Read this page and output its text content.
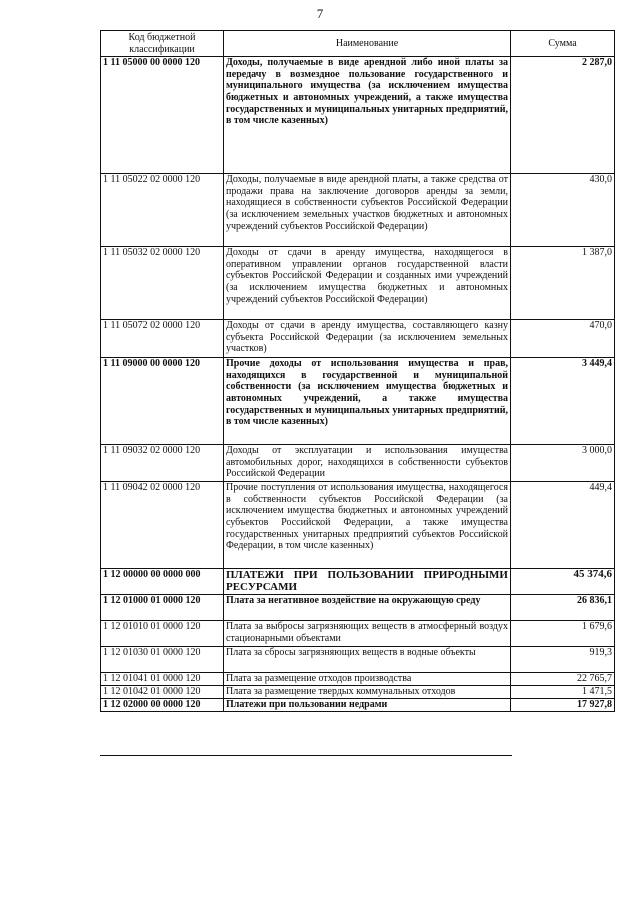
7
Код бюджетной классификации	Наименование	Сумма
1 11 05000 00 0000 120	Доходы, получаемые в виде арендной либо иной платы за передачу в возмездное пользование государственного и муниципального имущества (за исключением имущества бюджетных и автономных учреждений, а также имущества государственных и муниципальных унитарных предприятий, в том числе казенных)	2 287,0
1 11 05022 02 0000 120	Доходы, получаемые в виде арендной платы, а также средства от продажи права на заключение договоров аренды за земли, находящиеся в собственности субъектов Российской Федерации (за исключением земельных участков бюджетных и автономных учреждений субъектов Российской Федерации)	430,0
1 11 05032 02 0000 120	Доходы от сдачи в аренду имущества, находящегося в оперативном управлении органов государственной власти субъектов Российской Федерации и созданных ими учреждений (за исключением имущества бюджетных и автономных учреждений субъектов Российской Федерации)	1 387,0
1 11 05072 02 0000 120	Доходы от сдачи в аренду имущества, составляющего казну субъекта Российской Федерации (за исключением земельных участков)	470,0
1 11 09000 00 0000 120	Прочие доходы от использования имущества и прав, находящихся в государственной и муниципальной собственности (за исключением имущества бюджетных и автономных учреждений, а также имущества государственных и муниципальных унитарных предприятий, в том числе казенных)	3 449,4
1 11 09032 02 0000 120	Доходы от эксплуатации и использования имущества автомобильных дорог, находящихся в собственности субъектов Российской Федерации	3 000,0
1 11 09042 02 0000 120	Прочие поступления от использования имущества, находящегося в собственности субъектов Российской Федерации (за исключением имущества бюджетных и автономных учреждений субъектов Российской Федерации, а также имущества государственных унитарных предприятий субъектов Российской Федерации, в том числе казенных)	449,4
1 12 00000 00 0000 000	ПЛАТЕЖИ ПРИ ПОЛЬЗОВАНИИ ПРИРОДНЫМИ РЕСУРСАМИ	45 374,6
1 12 01000 01 0000 120	Плата за негативное воздействие на окружающую среду	26 836,1
1 12 01010 01 0000 120	Плата за выбросы загрязняющих веществ в атмосферный воздух стационарными объектами	1 679,6
1 12 01030 01 0000 120	Плата за сбросы загрязняющих веществ в водные объекты	919,3
1 12 01041 01 0000 120	Плата за размещение отходов производства	22 765,7
1 12 01042 01 0000 120	Плата за размещение твердых коммунальных отходов	1 471,5
1 12 02000 00 0000 120	Платежи при пользовании недрами	17 927,8
